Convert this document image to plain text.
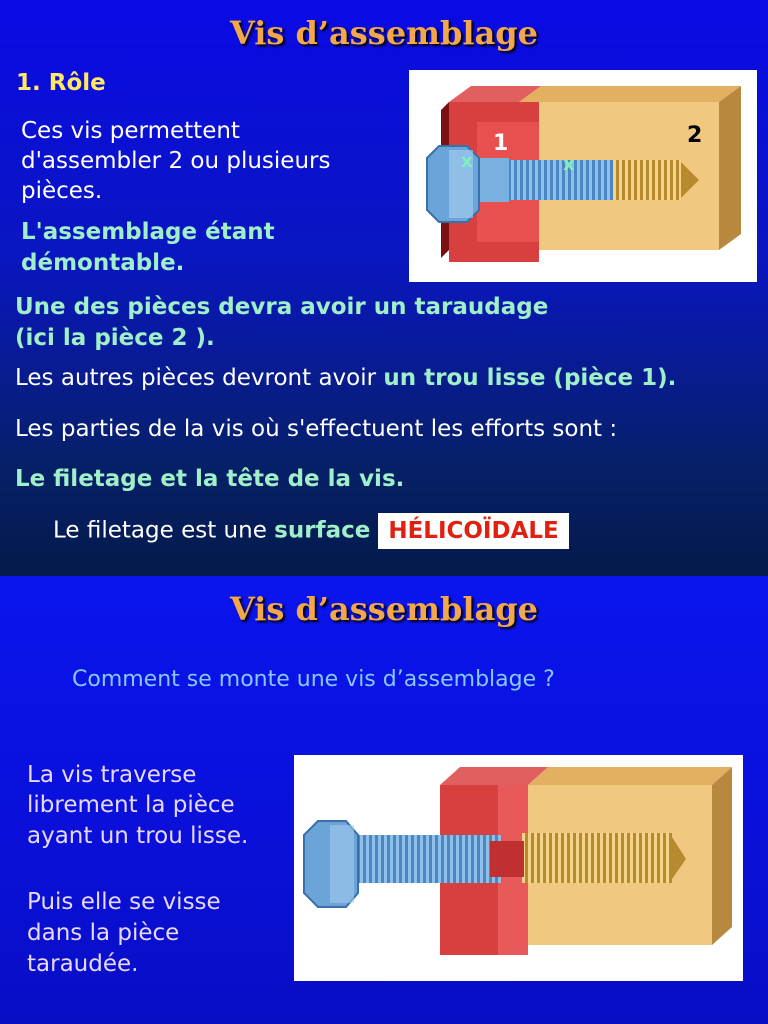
Vis d’assemblage

1. Rôle

Ces vis permettent

d'assembler 2 ou plusieurs

pièces.

L'assemblage étant

démontable.

Une des pièces devra avoir un taraudage

(ici la pièce 2 ).

Les autres pièces devront avoir un trou lisse (pièce 1).

Les parties de la vis où s'effectuent les efforts sont :

Le filetage et la tête de la vis.

Le filetage est une surface HÉLICOÏDALE

1	2
x	x
Vis d’assemblage

Comment se monte une vis d’assemblage ?

La vis traverse

librement la pièce

ayant un trou lisse.

Puis elle se visse

dans la pièce

taraudée.
